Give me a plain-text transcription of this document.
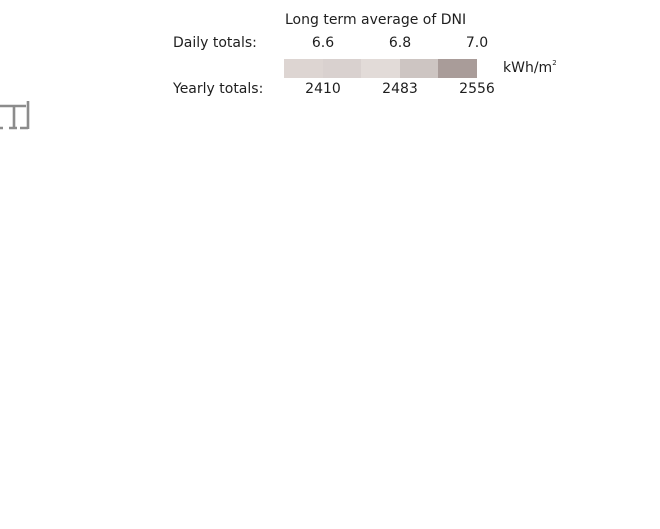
Long term average of DNI
Daily totals:	6.6	6.8	7.0
kWh/$m^2$
Yearly totals:	2410	2483	2556
